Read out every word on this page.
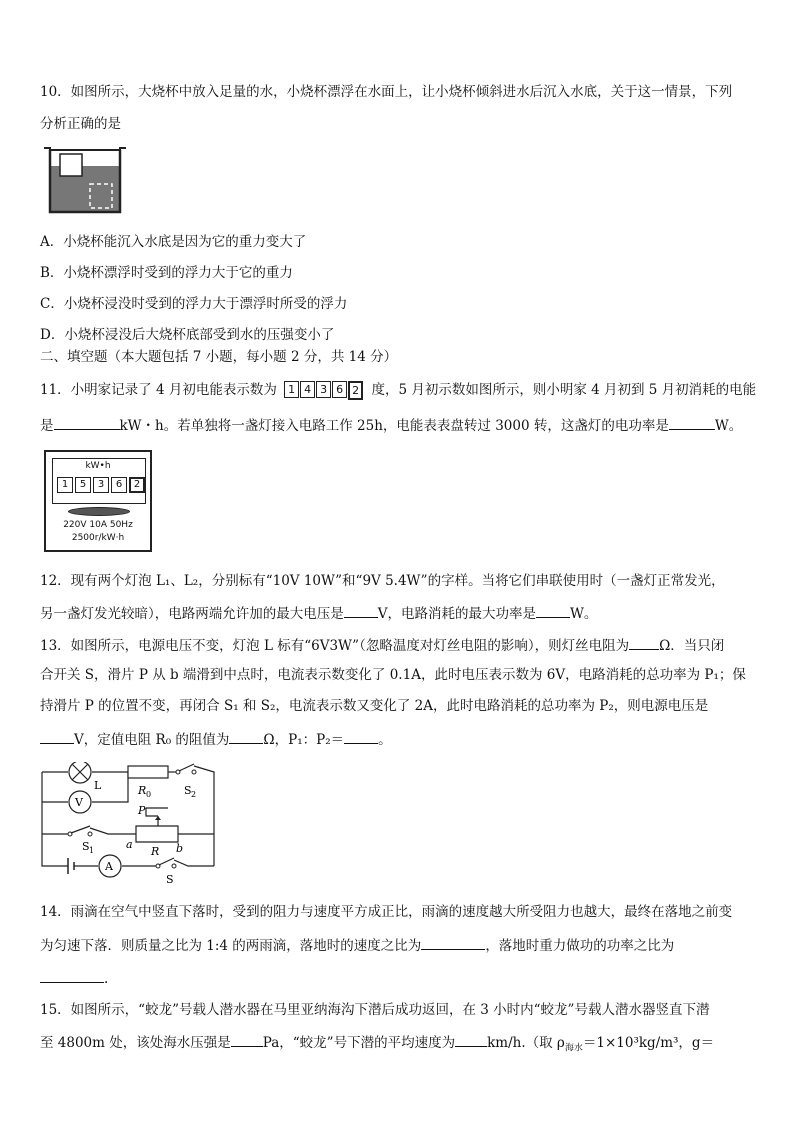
10．如图所示，大烧杯中放入足量的水，小烧杯漂浮在水面上，让小烧杯倾斜进水后沉入水底，关于这一情景，下列
分析正确的是
A．小烧杯能沉入水底是因为它的重力变大了
B．小烧杯漂浮时受到的浮力大于它的重力
C．小烧杯浸没时受到的浮力大于漂浮时所受的浮力
D．小烧杯浸没后大烧杯底部受到水的压强变小了
二、填空题（本大题包括 7 小题，每小题 2 分，共 14 分）
11．小明家记录了 4 月初电能表示数为	1 4 3 6 2 度，5 月初示数如图所示，则小明家 4 月初到 5 月初消耗的电能
是	kW・h。若单独将一盏灯接入电路工作 25h，电能表表盘转过 3000 转，这盏灯的电功率是	W。
kW•h
1	5	3	6	2
220V 10A 50Hz
2500r/kW·h
12．现有两个灯泡 L₁、L₂，分别标有“10V 10W”和“9V 5.4W”的字样。当将它们串联使用时（一盏灯正常发光，
另一盏灯发光较暗），电路两端允许加的最大电压是	V，电路消耗的最大功率是	W。
13．如图所示，电源电压不变，灯泡 L 标有“6V3W”（忽略温度对灯丝电阻的影响），则灯丝电阻为 Ω．当只闭
合开关 S，滑片 P 从 b 端滑到中点时，电流表示数变化了 0.1A，此时电压表示数为 6V，电路消耗的总功率为 P₁；保
持滑片 P 的位置不变，再闭合 S₁ 和 S₂，电流表示数又变化了 2A，此时电路消耗的总功率为 P₂，则电源电压是
V，定值电阻 R₀ 的阻值为	Ω，P₁：P₂＝	。
V
L	R 0	S 2
S 1
P
a
R b
A
S
14．雨滴在空气中竖直下落时，受到的阻力与速度平方成正比，雨滴的速度越大所受阻力也越大，最终在落地之前变
为匀速下落．则质量之比为 1:4 的两雨滴，落地时的速度之比为	，落地时重力做功的功率之比为
.
15．如图所示，“蛟龙”号载人潜水器在马里亚纳海沟下潜后成功返回，在 3 小时内“蛟龙”号载人潜水器竖直下潜
至 4800m 处，该处海水压强是 Pa，“蛟龙”号下潜的平均速度为 km/h.（取 $\rho_{海水}=1\times 10^3kg/m^3$，g＝
